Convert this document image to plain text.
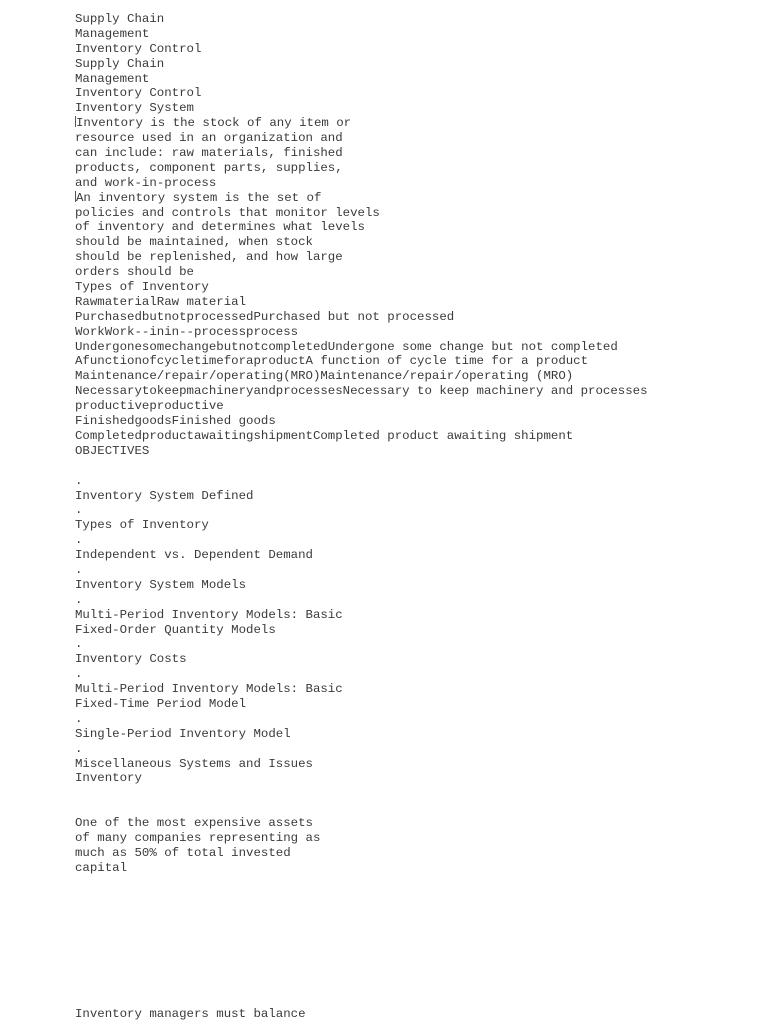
Supply Chain
Management
Inventory Control
Supply Chain
Management
Inventory Control
Inventory System
Inventory is the stock of any item or
resource used in an organization and
can include: raw materials, finished
products, component parts, supplies,
and work-in-process
An inventory system is the set of
policies and controls that monitor levels
of inventory and determines what levels
should be maintained, when stock
should be replenished, and how large
orders should be
Types of Inventory
RawmaterialRaw material
PurchasedbutnotprocessedPurchased but not processed
WorkWork--inin--processprocess
UndergonesomechangebutnotcompletedUndergone some change but not completed
AfunctionofcycletimeforaproductA function of cycle time for a product
Maintenance/repair/operating(MRO)Maintenance/repair/operating (MRO)
NecessarytokeepmachineryandprocessesNecessary to keep machinery and processes
productiveproductive
FinishedgoodsFinished goods
CompletedproductawaitingshipmentCompleted product awaiting shipment
OBJECTIVES
.
Inventory System Defined
.
Types of Inventory
.
Independent vs. Dependent Demand
.
Inventory System Models
.
Multi-Period Inventory Models: Basic
Fixed-Order Quantity Models
.
Inventory Costs
.
Multi-Period Inventory Models: Basic
Fixed-Time Period Model
.
Single-Period Inventory Model
.
Miscellaneous Systems and Issues
Inventory
One of the most expensive assets
of many companies representing as
much as 50% of total invested
capital
Inventory managers must balance
